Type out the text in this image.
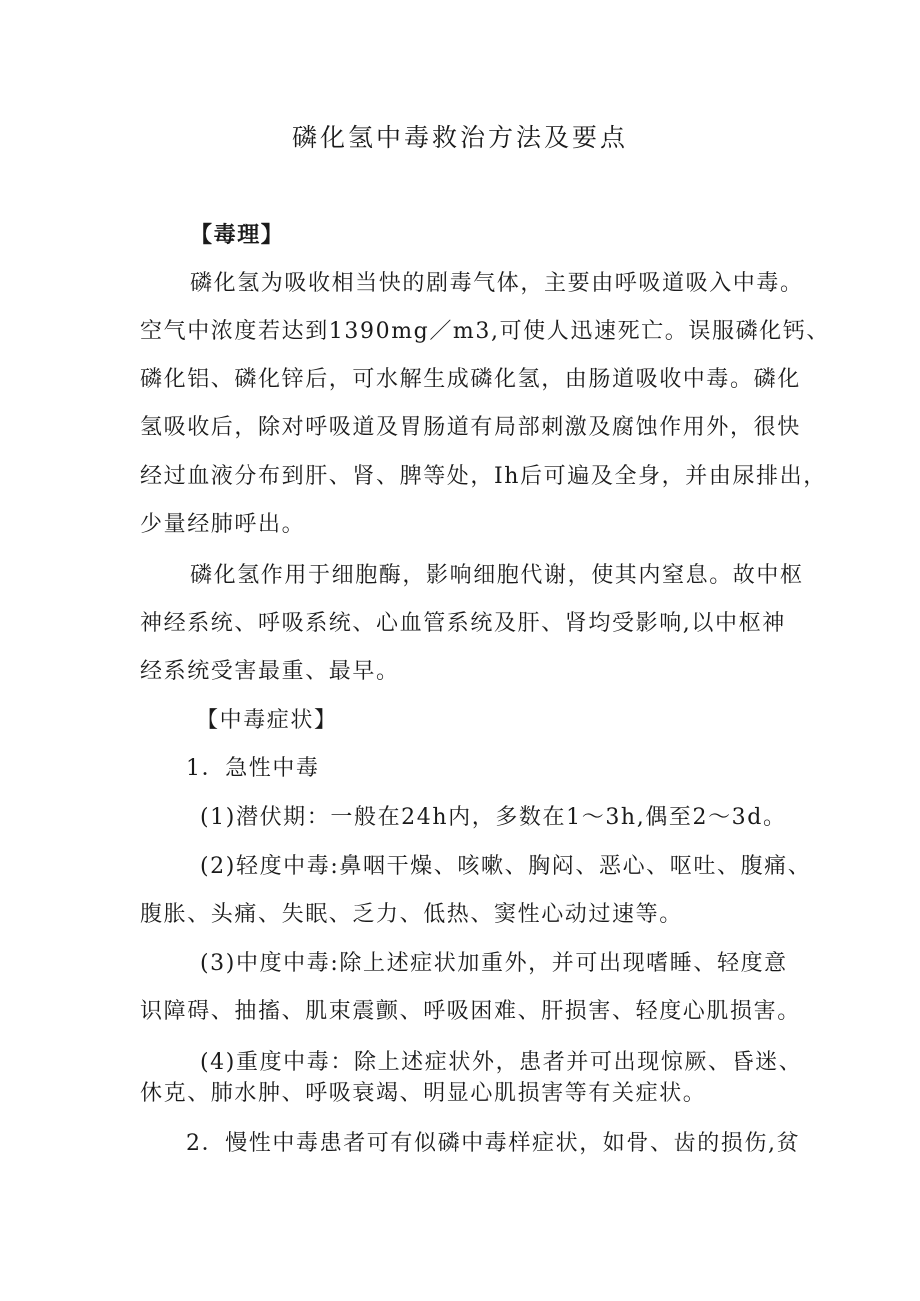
磷化氢中毒救治方法及要点

【毒理】

磷化氢为吸收相当快的剧毒气体，主要由呼吸道吸入中毒。

空气中浓度若达到1390mg／m3,可使人迅速死亡。误服磷化钙、

磷化铝、磷化锌后，可水解生成磷化氢，由肠道吸收中毒。磷化

氢吸收后，除对呼吸道及胃肠道有局部刺激及腐蚀作用外，很快

经过血液分布到肝、肾、脾等处，Ih后可遍及全身，并由尿排出，

少量经肺呼出。

磷化氢作用于细胞酶，影响细胞代谢，使其内窒息。故中枢

神经系统、呼吸系统、心血管系统及肝、肾均受影响,以中枢神

经系统受害最重、最早。

【中毒症状】

1．急性中毒

(1)潜伏期：一般在24h内，多数在1～3h,偶至2～3d。

(2)轻度中毒:鼻咽干燥、咳嗽、胸闷、恶心、呕吐、腹痛、

腹胀、头痛、失眠、乏力、低热、窦性心动过速等。

(3)中度中毒:除上述症状加重外，并可出现嗜睡、轻度意

识障碍、抽搐、肌束震颤、呼吸困难、肝损害、轻度心肌损害。

(4)重度中毒：除上述症状外，患者并可出现惊厥、昏迷、

休克、肺水肿、呼吸衰竭、明显心肌损害等有关症状。

2．慢性中毒患者可有似磷中毒样症状，如骨、齿的损伤,贫
